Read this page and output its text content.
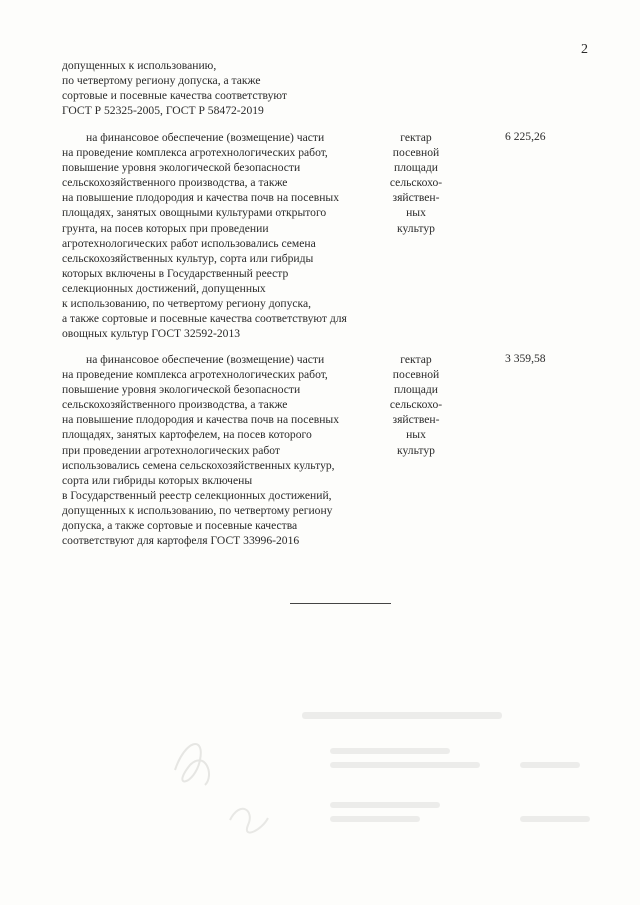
2

допущенных к использованию,

по четвертому региону допуска, а также

сортовые и посевные качества соответствуют

ГОСТ Р 52325-2005, ГОСТ Р 58472-2019

на финансовое обеспечение (возмещение) части

на проведение комплекса агротехнологических работ,

повышение уровня экологической безопасности

сельскохозяйственного производства, а также

на повышение плодородия и качества почв на посевных

площадях, занятых овощными культурами открытого

грунта, на посев которых при проведении

агротехнологических работ использовались семена

сельскохозяйственных культур, сорта или гибриды

которых включены в Государственный реестр

селекционных достижений, допущенных

к использованию, по четвертому региону допуска,

а также сортовые и посевные качества соответствуют для

овощных культур ГОСТ 32592-2013

гектар

посевной

площади

сельскохо-

зяйствен-

ных

культур

6 225,26

на финансовое обеспечение (возмещение) части

на проведение комплекса агротехнологических работ,

повышение уровня экологической безопасности

сельскохозяйственного производства, а также

на повышение плодородия и качества почв на посевных

площадях, занятых картофелем, на посев которого

при проведении агротехнологических работ

использовались семена сельскохозяйственных культур,

сорта или гибриды которых включены

в Государственный реестр селекционных достижений,

допущенных к использованию, по четвертому региону

допуска, а также сортовые и посевные качества

соответствуют для картофеля ГОСТ 33996-2016

гектар

посевной

площади

сельскохо-

зяйствен-

ных

культур

3 359,58
